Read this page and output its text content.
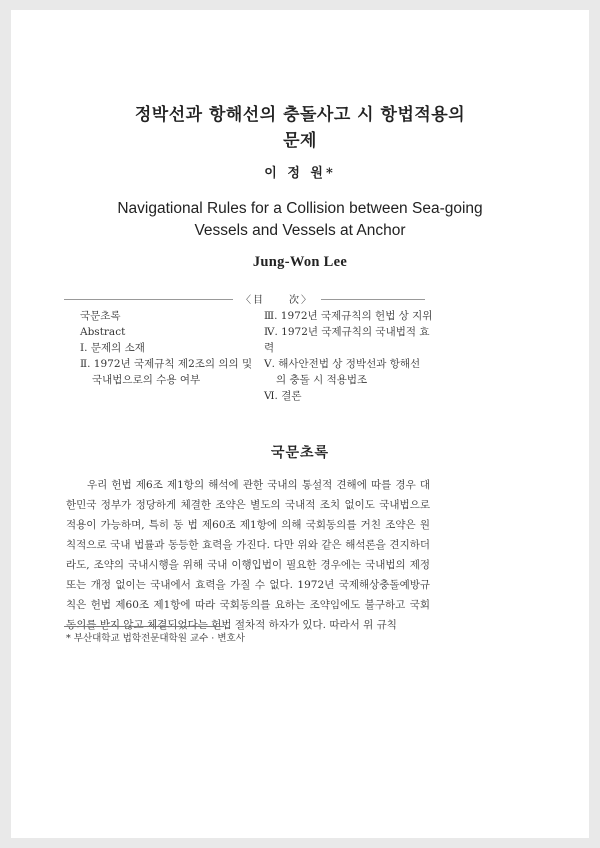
정박선과 항해선의 충돌사고 시 항법적용의
문제
이 정 원*
Navigational Rules for a Collision between Sea-going
Vessels and Vessels at Anchor
Jung-Won Lee
〈目　　次〉
국문초록
Abstract
Ⅰ. 문제의 소재
Ⅱ. 1972년 국제규칙 제2조의 의의 및
국내법으로의 수용 여부
Ⅲ. 1972년 국제규칙의 헌법 상 지위
Ⅳ. 1972년 국제규칙의 국내법적 효력
Ⅴ. 해사안전법 상 정박선과 항해선
의 충돌 시 적용법조
Ⅵ. 결론
국문초록
우리 헌법 제6조 제1항의 해석에 관한 국내의 통설적 견해에 따를 경우 대한민국 정부가 정당하게 체결한 조약은 별도의 국내적 조치 없이도 국내법으로 적용이 가능하며, 특히 동 법 제60조 제1항에 의해 국회동의를 거친 조약은 원칙적으로 국내 법률과 동등한 효력을 가진다. 다만 위와 같은 해석론을 견지하더라도, 조약의 국내시행을 위해 국내 이행입법이 필요한 경우에는 국내법의 제정 또는 개정 없이는 국내에서 효력을 가질 수 없다. 1972년 국제해상충돌예방규칙은 헌법 제60조 제1항에 따라 국회동의를 요하는 조약임에도 불구하고 국회동의를 받지 않고 체결되었다는 헌법 절차적 하자가 있다. 따라서 위 규칙
* 부산대학교 법학전문대학원 교수 · 변호사
